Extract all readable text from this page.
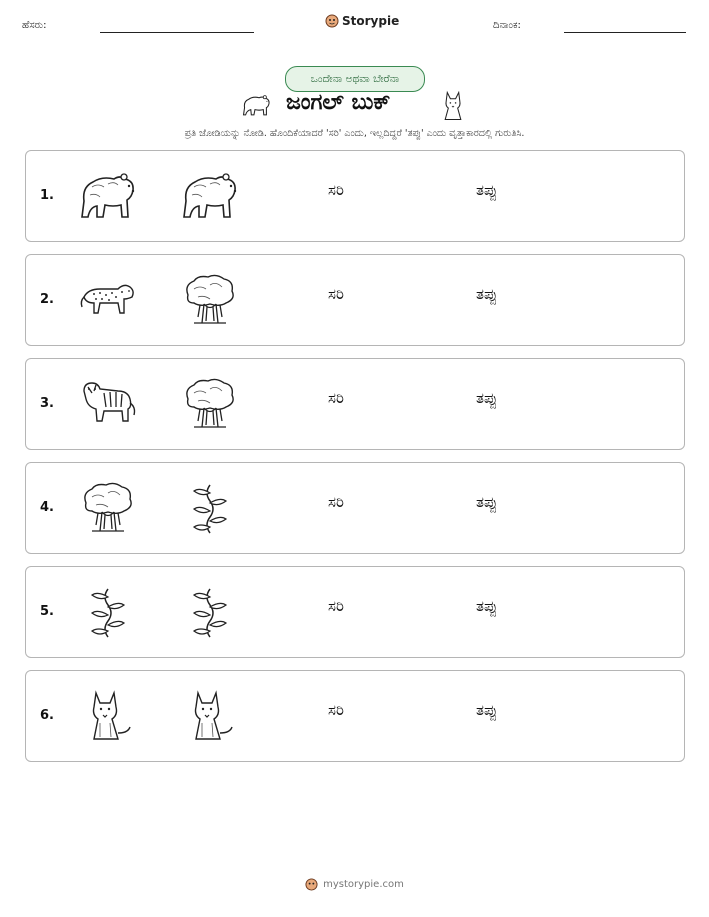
ಹೆಸರು:	Storypie	ದಿನಾಂಕ:
ಒಂದೇನಾ ಅಥವಾ ಬೇರೆನಾ
ಜಂಗಲ್ ಬುಕ್
ಪ್ರತಿ ಜೋಡಿಯನ್ನು ನೋಡಿ. ಹೊಂದಿಕೆಯಾದರೆ 'ಸರಿ' ಎಂದು, ಇಲ್ಲದಿದ್ದರೆ 'ತಪ್ಪು' ಎಂದು ವೃತ್ತಾಕಾರದಲ್ಲಿ ಗುರುತಿಸಿ.
1.	ಸರಿ	ತಪ್ಪು
2.	ಸರಿ	ತಪ್ಪು
3.	ಸರಿ	ತಪ್ಪು
4.	ಸರಿ	ತಪ್ಪು
5.	ಸರಿ	ತಪ್ಪು
6.	ಸರಿ	ತಪ್ಪು
mystorypie.com
